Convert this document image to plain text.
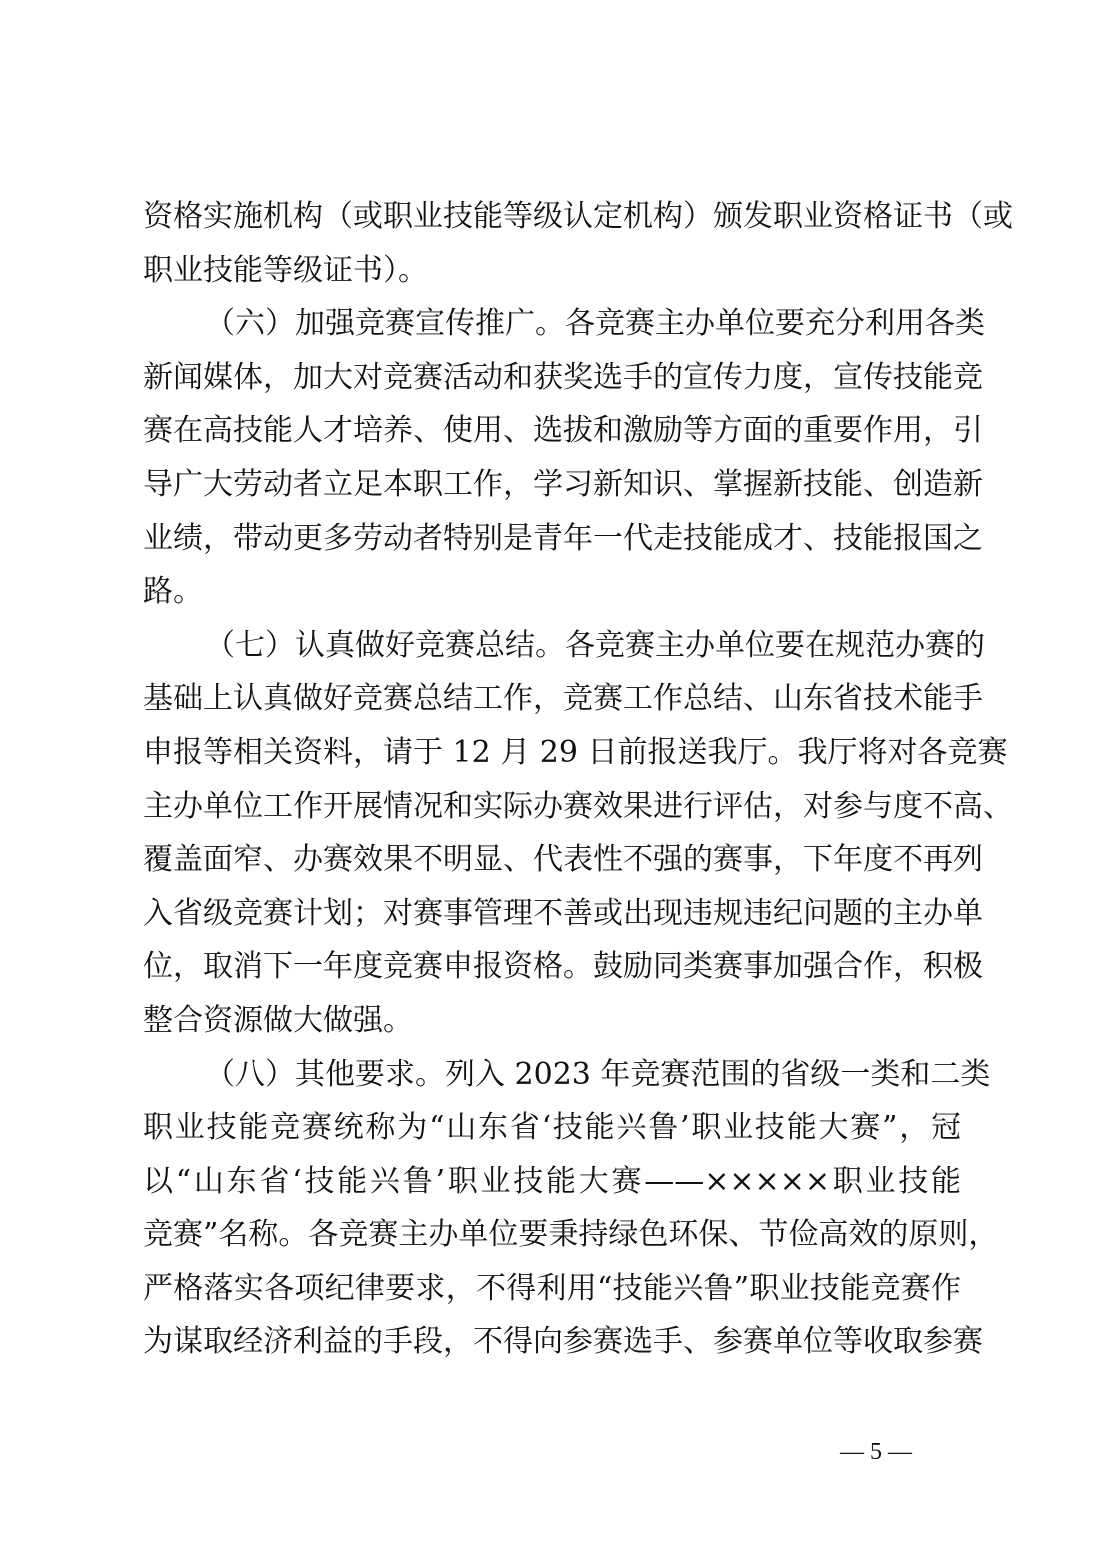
资格实施机构（或职业技能等级认定机构）颁发职业资格证书（或
职业技能等级证书）。
（六）加强竞赛宣传推广。各竞赛主办单位要充分利用各类
新闻媒体，加大对竞赛活动和获奖选手的宣传力度，宣传技能竞
赛在高技能人才培养、使用、选拔和激励等方面的重要作用，引
导广大劳动者立足本职工作，学习新知识、掌握新技能、创造新
业绩，带动更多劳动者特别是青年一代走技能成才、技能报国之
路。
（七）认真做好竞赛总结。各竞赛主办单位要在规范办赛的
基础上认真做好竞赛总结工作，竞赛工作总结、山东省技术能手
申报等相关资料，请于 12 月 29 日前报送我厅。我厅将对各竞赛
主办单位工作开展情况和实际办赛效果进行评估，对参与度不高、
覆盖面窄、办赛效果不明显、代表性不强的赛事，下年度不再列
入省级竞赛计划；对赛事管理不善或出现违规违纪问题的主办单
位，取消下一年度竞赛申报资格。鼓励同类赛事加强合作，积极
整合资源做大做强。
（八）其他要求。列入 2023 年竞赛范围的省级一类和二类
职业技能竞赛统称为“山东省‘技能兴鲁’职业技能大赛”，冠
以“山东省‘技能兴鲁’职业技能大赛——×××××职业技能
竞赛”名称。各竞赛主办单位要秉持绿色环保、节俭高效的原则，
严格落实各项纪律要求，不得利用“技能兴鲁”职业技能竞赛作
为谋取经济利益的手段，不得向参赛选手、参赛单位等收取参赛
— 5 —
